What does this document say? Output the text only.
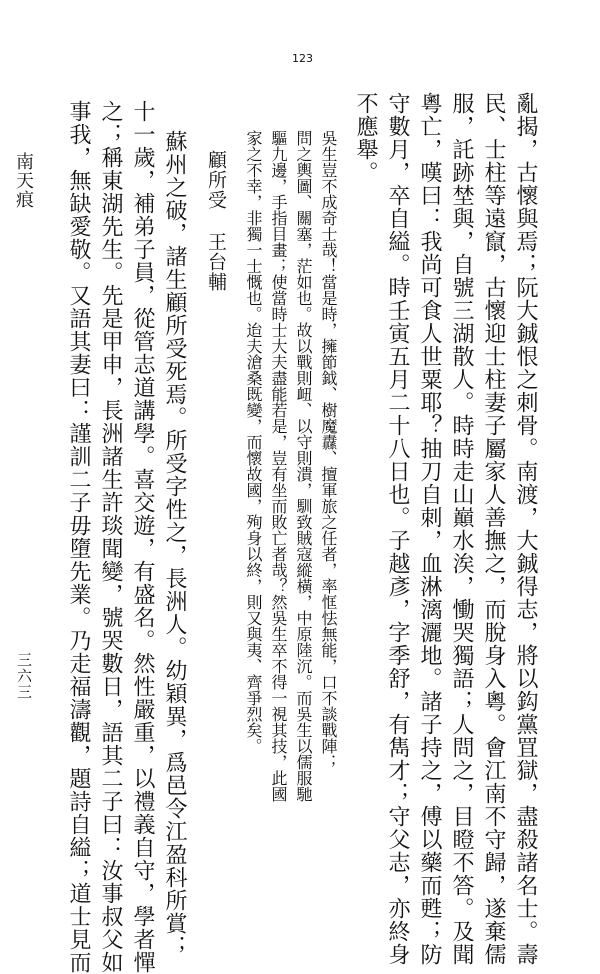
123
亂揭，古懷與焉；阮大鋮恨之刺骨。南渡，大鋮得志，將以鈎黨罝獄，盡殺諸名士。壽
民、士柱等遠竄，古懷迎士柱妻子屬家人善撫之，而脫身入粵。會江南不守歸，遂棄儒
服，託跡埜與，自號三湖散人。時時走山巔水涘，慟哭獨語；人問之，目瞪不答。及聞
粵亡，嘆曰：我尚可食人世粟耶？抽刀自刺，血淋漓灑地。諸子持之，傅以藥而甦；防
守數月，卒自縊。時壬寅五月二十八日也。子越彥，字季舒，有雋才；守父志，亦終身
不應舉。
吳生豈不成奇士哉！當是時，擁節鉞、樹魔纛、擅軍旅之任者，率恇怯無能，口不談戰陣；
問之輿圖、關塞，茫如也。故以戰則衄、以守則潰，馴致賊寇縱橫，中原陸沉。而吳生以儒服馳
驅九邊，手指目畫；使當時士大夫盡能若是，豈有坐而敗亡者哉？然吳生卒不得一視其技，此國
家之不幸，非獨一士慨也。迨夫滄桑既變，而懷故國，殉身以終，則又與夷、齊爭烈矣。
顧所受
王台輔
蘇州之破，諸生顧所受死焉。所受字性之，長洲人。幼穎異，爲邑令江盈科所賞；
十一歲，補弟子員，從管志道講學。喜交遊，有盛名。然性嚴重，以禮義自守，學者憚
之；稱東湖先生。先是甲申，長洲諸生許琰聞變，號哭數日，語其二子曰：汝事叔父如
事我，無缺愛敬。又語其妻曰：謹訓二子毋墮先業。乃走福濤觀，題詩自縊；道士見而
南天痕
三六三
